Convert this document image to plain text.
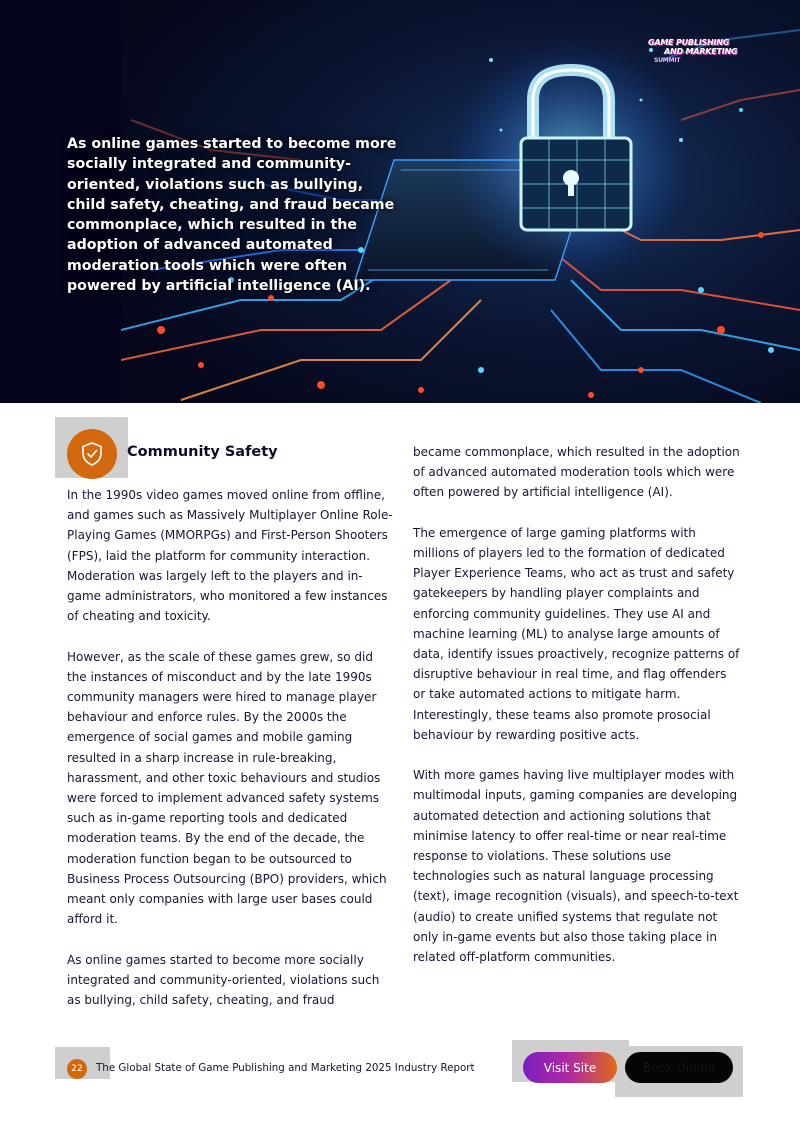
As online games started to become more socially integrated and community-oriented, violations such as bullying, child safety, cheating, and fraud became commonplace, which resulted in the adoption of advanced automated moderation tools which were often powered by artificial intelligence (AI).

GAME PUBLISHING
AND MARKETING
SUMMIT
Community Safety

In the 1990s video games moved online from offline, and games such as Massively Multiplayer Online Role-Playing Games (MMORPGs) and First-Person Shooters (FPS), laid the platform for community interaction. Moderation was largely left to the players and in-game administrators, who monitored a few instances of cheating and toxicity.

However, as the scale of these games grew, so did the instances of misconduct and by the late 1990s community managers were hired to manage player behaviour and enforce rules. By the 2000s the emergence of social games and mobile gaming resulted in a sharp increase in rule-breaking, harassment, and other toxic behaviours and studios were forced to implement advanced safety systems such as in-game reporting tools and dedicated moderation teams. By the end of the decade, the moderation function began to be outsourced to Business Process Outsourcing (BPO) providers, which meant only companies with large user bases could afford it.

As online games started to become more socially integrated and community-oriented, violations such as bullying, child safety, cheating, and fraud

became commonplace, which resulted in the adoption of advanced automated moderation tools which were often powered by artificial intelligence (AI).

The emergence of large gaming platforms with millions of players led to the formation of dedicated Player Experience Teams, who act as trust and safety gatekeepers by handling player complaints and enforcing community guidelines. They use AI and machine learning (ML) to analyse large amounts of data, identify issues proactively, recognize patterns of disruptive behaviour in real time, and flag offenders or take automated actions to mitigate harm. Interestingly, these teams also promote prosocial behaviour by rewarding positive acts.

With more games having live multiplayer modes with multimodal inputs, gaming companies are developing automated detection and actioning solutions that minimise latency to offer real-time or near real-time response to violations. These solutions use technologies such as natural language processing (text), image recognition (visuals), and speech-to-text (audio) to create unified systems that regulate not only in-game events but also those taking place in related off-platform communities.

22	The Global State of Game Publishing and Marketing 2025 Industry Report	Visit Site	Book Online
